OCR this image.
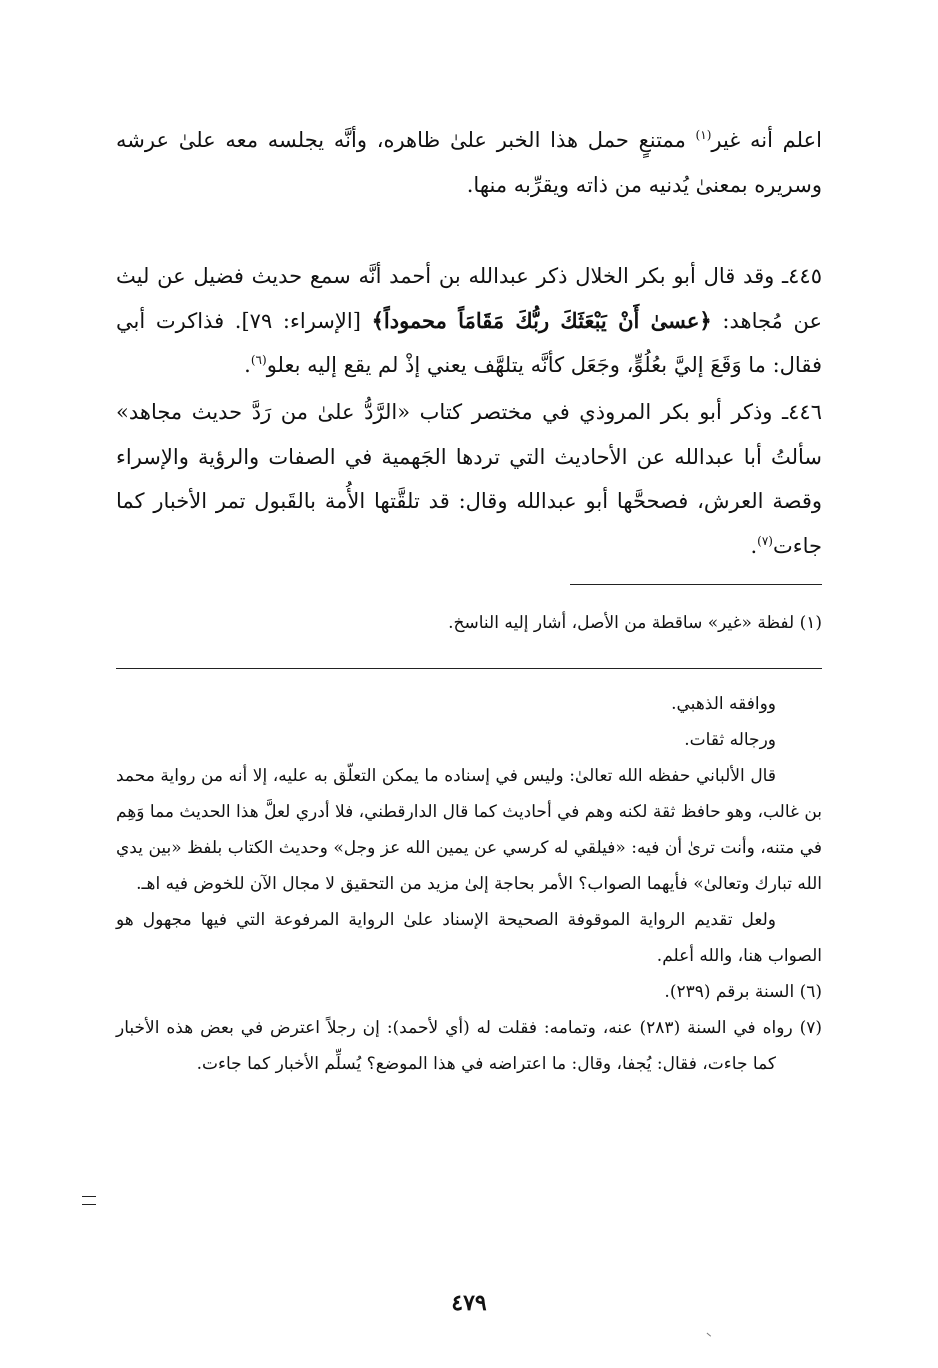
اعلم أنه غير$^{(١)}$ ممتنعٍ حمل هذا الخبر علىٰ ظاهره، وأنَّه يجلسه معه علىٰ عرشه وسريره بمعنىٰ يُدنيه من ذاته ويقرِّبه منها.

٤٤٥ـ وقد قال أبو بكر الخلال ذكر عبدالله بن أحمد أنَّه سمع حديث فضيل عن ليث عن مُجاهد: ﴿عسىٰ أَنْ يَبْعَثَكَ ربُّكَ مَقَامَاً محموداً﴾ [الإسراء: ٧٩]. فذاكرت أبي فقال: ما وَقَعَ إليَّ بعُلُوٍّ، وجَعَل كأنَّه يتلهَّف يعني إذْ لم يقع إليه بعلو$^{(٦)}$.

٤٤٦ـ وذكر أبو بكر المروذي في مختصر كتاب «الرَّدُّ علىٰ من رَدَّ حديث مجاهد» سألتُ أبا عبدالله عن الأحاديث التي تردها الجَهمية في الصفات والرؤية والإسراء وقصة العرش، فصححَّها أبو عبدالله وقال: قد تلقَّتها الأُمة بالقَبول تمر الأخبار كما جاءت$^{(٧)}$.

(١) لفظة «غير» ساقطة من الأصل، أشار إليه الناسخ.

ووافقه الذهبي.

ورجاله ثقات.

قال الألباني حفظه الله تعالىٰ: وليس في إسناده ما يمكن التعلّق به عليه، إلا أنه من رواية محمد بن غالب، وهو حافظ ثقة لكنه وهم في أحاديث كما قال الدارقطني، فلا أدري لعلَّ هذا الحديث مما وَهِم في متنه، وأنت ترىٰ أن فيه: «فيلقي له كرسي عن يمين الله عز وجل» وحديث الكتاب بلفظ «بين يدي الله تبارك وتعالىٰ» فأيهما الصواب؟ الأمر بحاجة إلىٰ مزيد من التحقيق لا مجال الآن للخوض فيه اهـ.

ولعل تقديم الرواية الموقوفة الصحيحة الإسناد علىٰ الرواية المرفوعة التي فيها مجهول هو الصواب هنا، والله أعلم.

(٦) السنة برقم (٢٣٩).

(٧) رواه في السنة (٢٨٣) عنه، وتمامه: فقلت له (أي لأحمد): إن رجلاً اعترض في بعض هذه الأخبار كما جاءت، فقال: يُجفا، وقال: ما اعتراضه في هذا الموضع؟ يُسلِّم الأخبار كما جاءت.

٤٧٩
